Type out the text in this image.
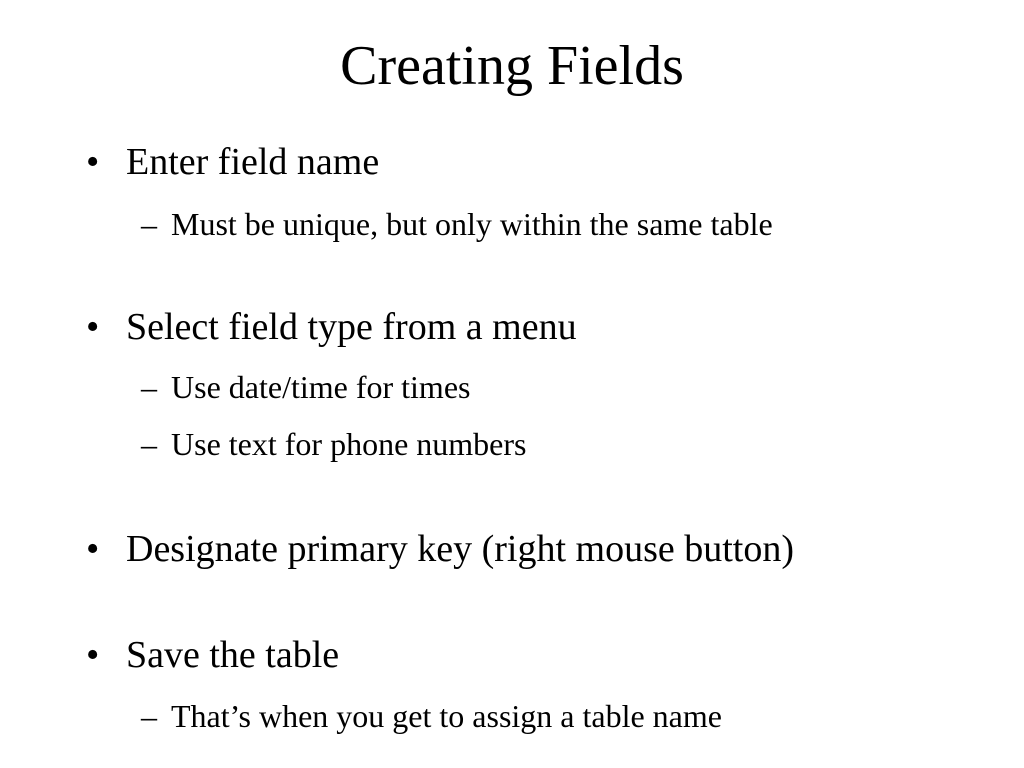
Creating Fields
• Enter field name
– Must be unique, but only within the same table
• Select field type from a menu
– Use date/time for times
– Use text for phone numbers
• Designate primary key (right mouse button)
• Save the table
– That’s when you get to assign a table name
